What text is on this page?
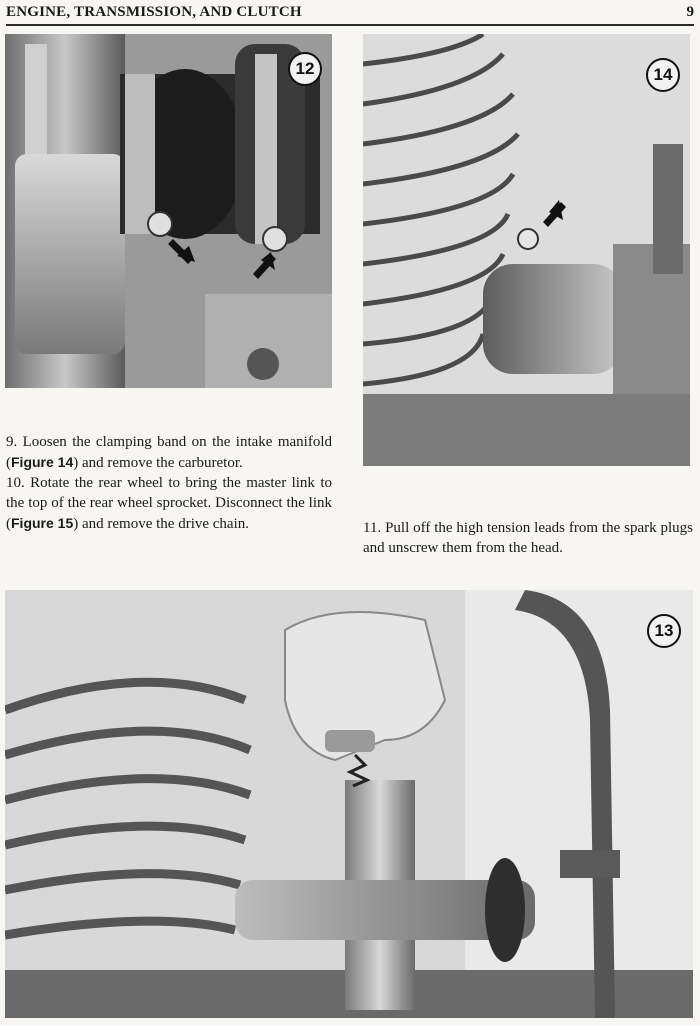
ENGINE, TRANSMISSION, AND CLUTCH	9
12	14

9. Loosen the clamping band on the intake manifold (Figure 14) and remove the carburetor.

10. Rotate the rear wheel to bring the master link to the top of the rear wheel sprocket. Disconnect the link (Figure 15) and remove the drive chain.	11. Pull off the high tension leads from the spark plugs and unscrew them from the head.

13
